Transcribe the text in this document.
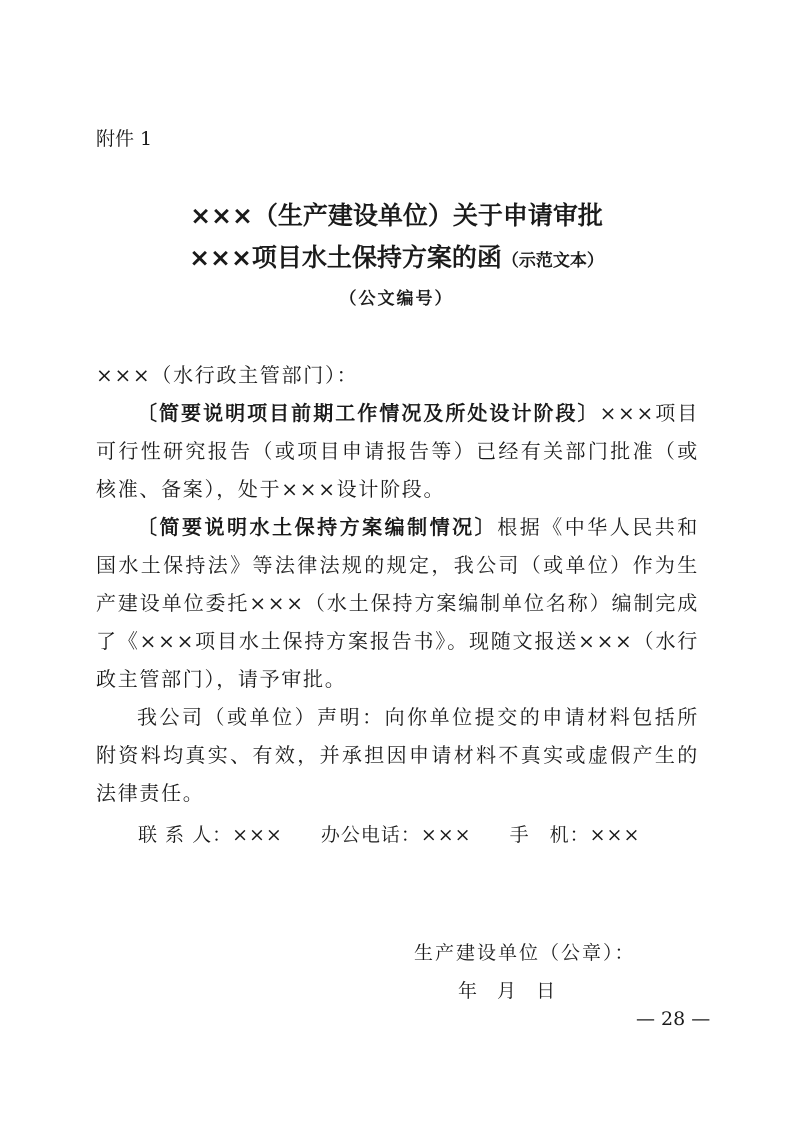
附件 1
×××（生产建设单位）关于申请审批
×××项目水土保持方案的函（示范文本）
（公文编号）
×××（水行政主管部门）：
〔简要说明项目前期工作情况及所处设计阶段〕×××项目可行性研究报告（或项目申请报告等）已经有关部门批准（或核准、备案），处于×××设计阶段。
〔简要说明水土保持方案编制情况〕根据《中华人民共和国水土保持法》等法律法规的规定，我公司（或单位）作为生产建设单位委托×××（水土保持方案编制单位名称）编制完成了《×××项目水土保持方案报告书》。现随文报送×××（水行政主管部门），请予审批。
我公司（或单位）声明：向你单位提交的申请材料包括所附资料均真实、有效，并承担因申请材料不真实或虚假产生的法律责任。
联 系 人：××× 办公电话：××× 手　机：×××
生产建设单位（公章）：
年 月 日
— 28 —
